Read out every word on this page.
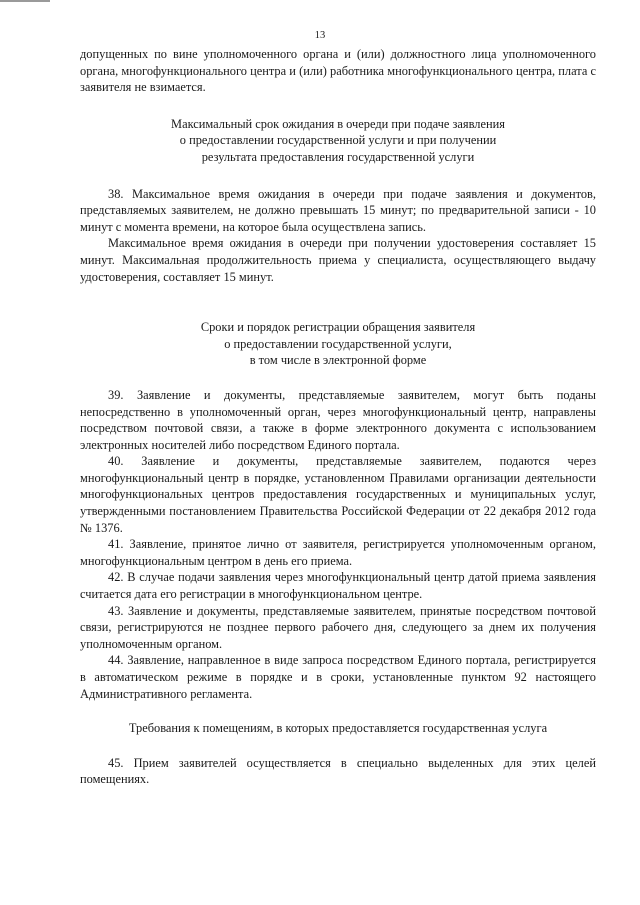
13

допущенных по вине уполномоченного органа и (или) должностного лица уполномоченного органа, многофункционального центра и (или) работника многофункционального центра, плата с заявителя не взимается.

Максимальный срок ожидания в очереди при подаче заявления
о предоставлении государственной услуги и при получении
результата предоставления государственной услуги

38. Максимальное время ожидания в очереди при подаче заявления и документов, представляемых заявителем, не должно превышать 15 минут; по предварительной записи - 10 минут с момента времени, на которое была осуществлена запись.

Максимальное время ожидания в очереди при получении удостоверения составляет 15 минут. Максимальная продолжительность приема у специалиста, осуществляющего выдачу удостоверения, составляет 15 минут.

Сроки и порядок регистрации обращения заявителя
о предоставлении государственной услуги,
в том числе в электронной форме

39. Заявление и документы, представляемые заявителем, могут быть поданы непосредственно в уполномоченный орган, через многофункциональный центр, направлены посредством почтовой связи, а также в форме электронного документа с использованием электронных носителей либо посредством Единого портала.

40. Заявление и документы, представляемые заявителем, подаются через многофункциональный центр в порядке, установленном Правилами организации деятельности многофункциональных центров предоставления государственных и муниципальных услуг, утвержденными постановлением Правительства Российской Федерации от 22 декабря 2012 года № 1376.

41. Заявление, принятое лично от заявителя, регистрируется уполномоченным органом, многофункциональным центром в день его приема.

42. В случае подачи заявления через многофункциональный центр датой приема заявления считается дата его регистрации в многофункциональном центре.

43. Заявление и документы, представляемые заявителем, принятые посредством почтовой связи, регистрируются не позднее первого рабочего дня, следующего за днем их получения уполномоченным органом.

44. Заявление, направленное в виде запроса посредством Единого портала, регистрируется в автоматическом режиме в порядке и в сроки, установленные пунктом 92 настоящего Административного регламента.

Требования к помещениям, в которых предоставляется государственная услуга

45. Прием заявителей осуществляется в специально выделенных для этих целей помещениях.
